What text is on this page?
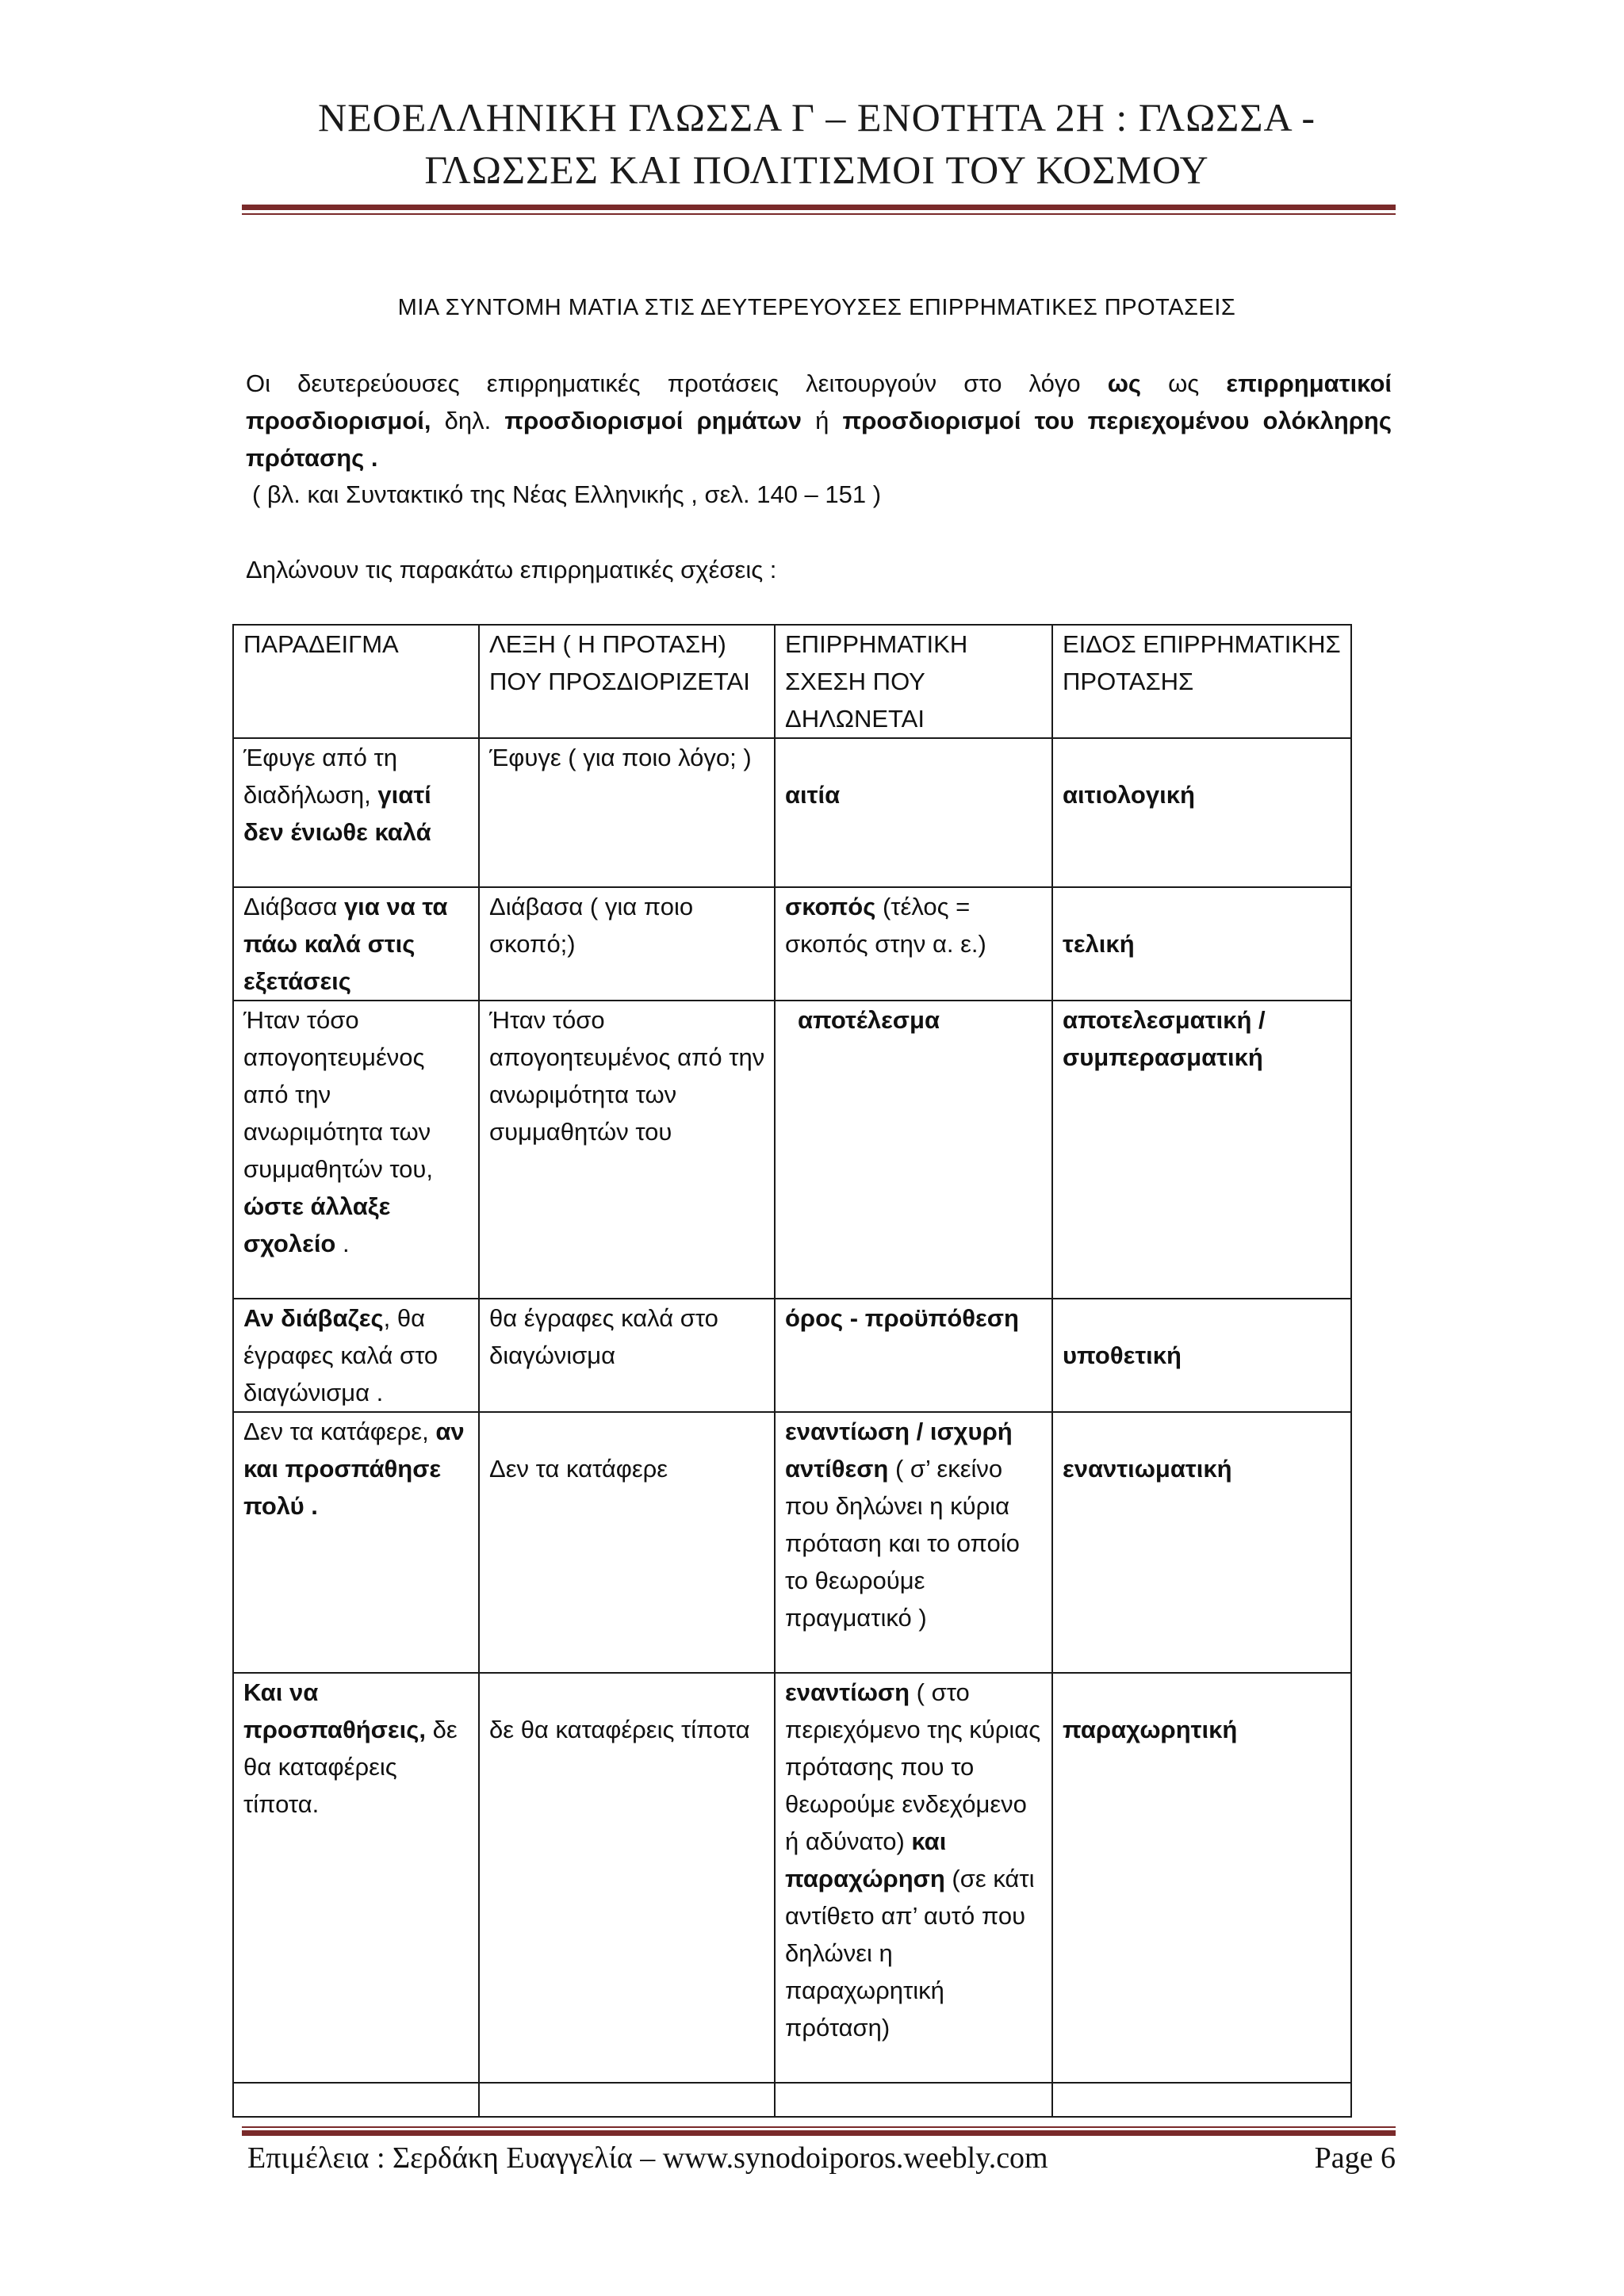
ΝΕΟΕΛΛΗΝΙΚΗ ΓΛΩΣΣΑ Γ – ΕΝΟΤΗΤΑ 2Η : ΓΛΩΣΣΑ -
ΓΛΩΣΣΕΣ ΚΑΙ ΠΟΛΙΤΙΣΜΟΙ ΤΟΥ ΚΟΣΜΟΥ
ΜΙΑ ΣΥΝΤΟΜΗ ΜΑΤΙΑ ΣΤΙΣ ΔΕΥΤΕΡΕΥΟΥΣΕΣ ΕΠΙΡΡΗΜΑΤΙΚΕΣ ΠΡΟΤΑΣΕΙΣ

Οι δευτερεύουσες επιρρηματικές προτάσεις λειτουργούν στο λόγο ως ως επιρρηματικοί προσδιορισμοί, δηλ. προσδιορισμοί ρημάτων ή προσδιορισμοί του περιεχομένου ολόκληρης πρότασης .

( βλ. και Συντακτικό της Νέας Ελληνικής , σελ. 140 – 151 )
Δηλώνουν τις παρακάτω επιρρηματικές σχέσεις :
ΠΑΡΑΔΕΙΓΜΑ	ΛΕΞΗ ( Η ΠΡΟΤΑΣΗ) ΠΟΥ ΠΡΟΣΔΙΟΡΙΖΕΤΑΙ	ΕΠΙΡΡΗΜΑΤΙΚΗ ΣΧΕΣΗ ΠΟΥ ΔΗΛΩΝΕΤΑΙ	ΕΙΔΟΣ ΕΠΙΡΡΗΜΑΤΙΚΗΣ ΠΡΟΤΑΣΗΣ
Έφυγε από τη διαδήλωση, γιατί δεν ένιωθε καλά	Έφυγε ( για ποιο λόγο; )	αιτία	αιτιολογική
Διάβασα για να τα πάω καλά στις εξετάσεις	Διάβασα ( για ποιο σκοπό;)	σκοπός (τέλος = σκοπός στην α. ε.)	τελική
Ήταν τόσο απογοητευμένος από την ανωριμότητα των συμμαθητών του, ώστε άλλαξε σχολείο .	Ήταν τόσο απογοητευμένος από την ανωριμότητα των συμμαθητών του	αποτέλεσμα	αποτελεσματική / συμπερασματική
Αν διάβαζες, θα έγραφες καλά στο διαγώνισμα .	θα έγραφες καλά στο διαγώνισμα	όρος - προϋπόθεση	υποθετική
Δεν τα κατάφερε, αν και προσπάθησε πολύ .	Δεν τα κατάφερε	εναντίωση / ισχυρή αντίθεση ( σ’ εκείνο που δηλώνει η κύρια πρόταση και το οποίο το θεωρούμε πραγματικό )	εναντιωματική
Και να προσπαθήσεις, δε θα καταφέρεις τίποτα.	δε θα καταφέρεις τίποτα	εναντίωση ( στο περιεχόμενο της κύριας πρότασης που το θεωρούμε ενδεχόμενο ή αδύνατο) και παραχώρηση (σε κάτι αντίθετο απ’ αυτό που δηλώνει η παραχωρητική πρόταση)	παραχωρητική

Επιμέλεια : Σερδάκη Ευαγγελία – www.synodoiporos.weebly.com	Page 6
